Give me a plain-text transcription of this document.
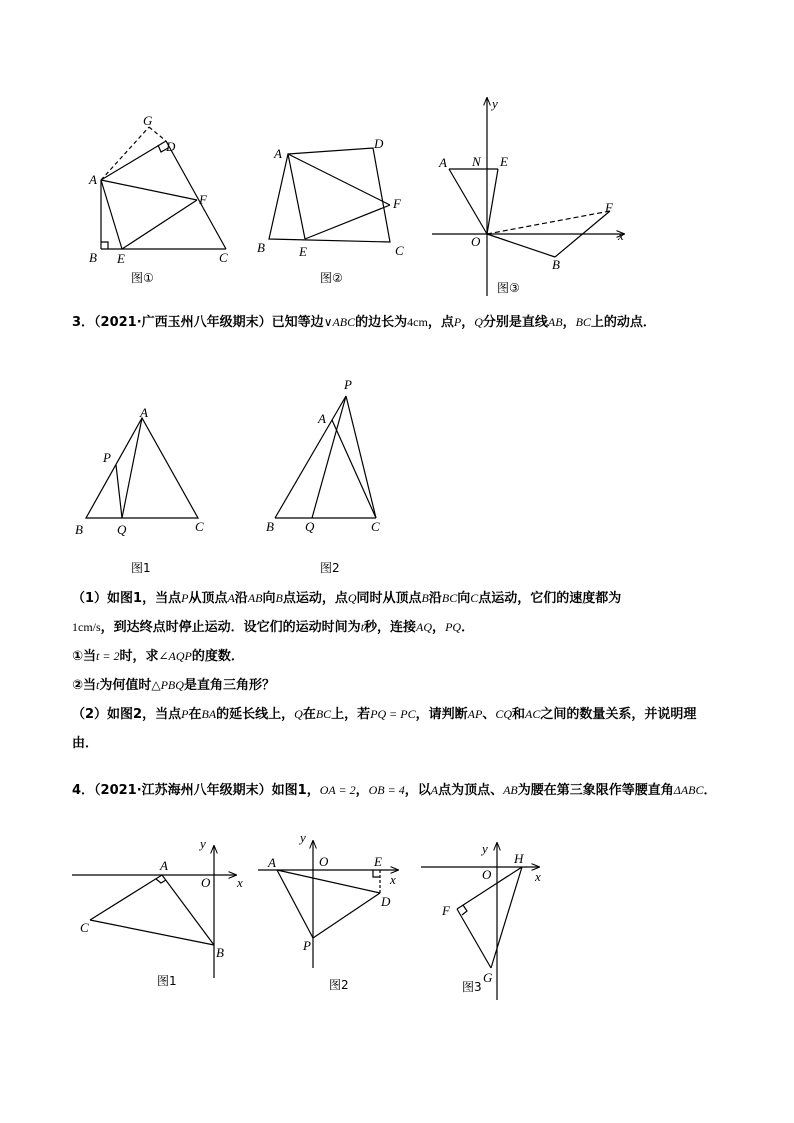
G
D
A
F
B E	C
图①
A
D
F
B	E	C
图②
y
x
A N E
O
F
B
图③
A
P
B	Q	C
图1
P
A
B Q	C
图2
y
A
O x
C
B
图1
y
A	O	E
x
D
P
图2
y
H
O	x
F
G
图3

3．（2021·广西玉州八年级期末）已知等边∨ABC的边长为4cm，点P，Q分别是直线AB，BC上的动点．

（1）如图1，当点P从顶点A沿AB向B点运动，点Q同时从顶点B沿BC向C点运动，它们的速度都为
1cm/s，到达终点时停止运动．设它们的运动时间为t秒，连接AQ，PQ．

①当t = 2时，求∠AQP的度数．

②当t为何值时△PBQ是直角三角形？

（2）如图2，当点P在BA的延长线上，Q在BC上，若PQ = PC，请判断AP、CQ和AC之间的数量关系，并说明理由．

4．（2021·江苏海州八年级期末）如图1，OA = 2，OB = 4，以A点为顶点、AB为腰在第三象限作等腰直角ΔABC．
